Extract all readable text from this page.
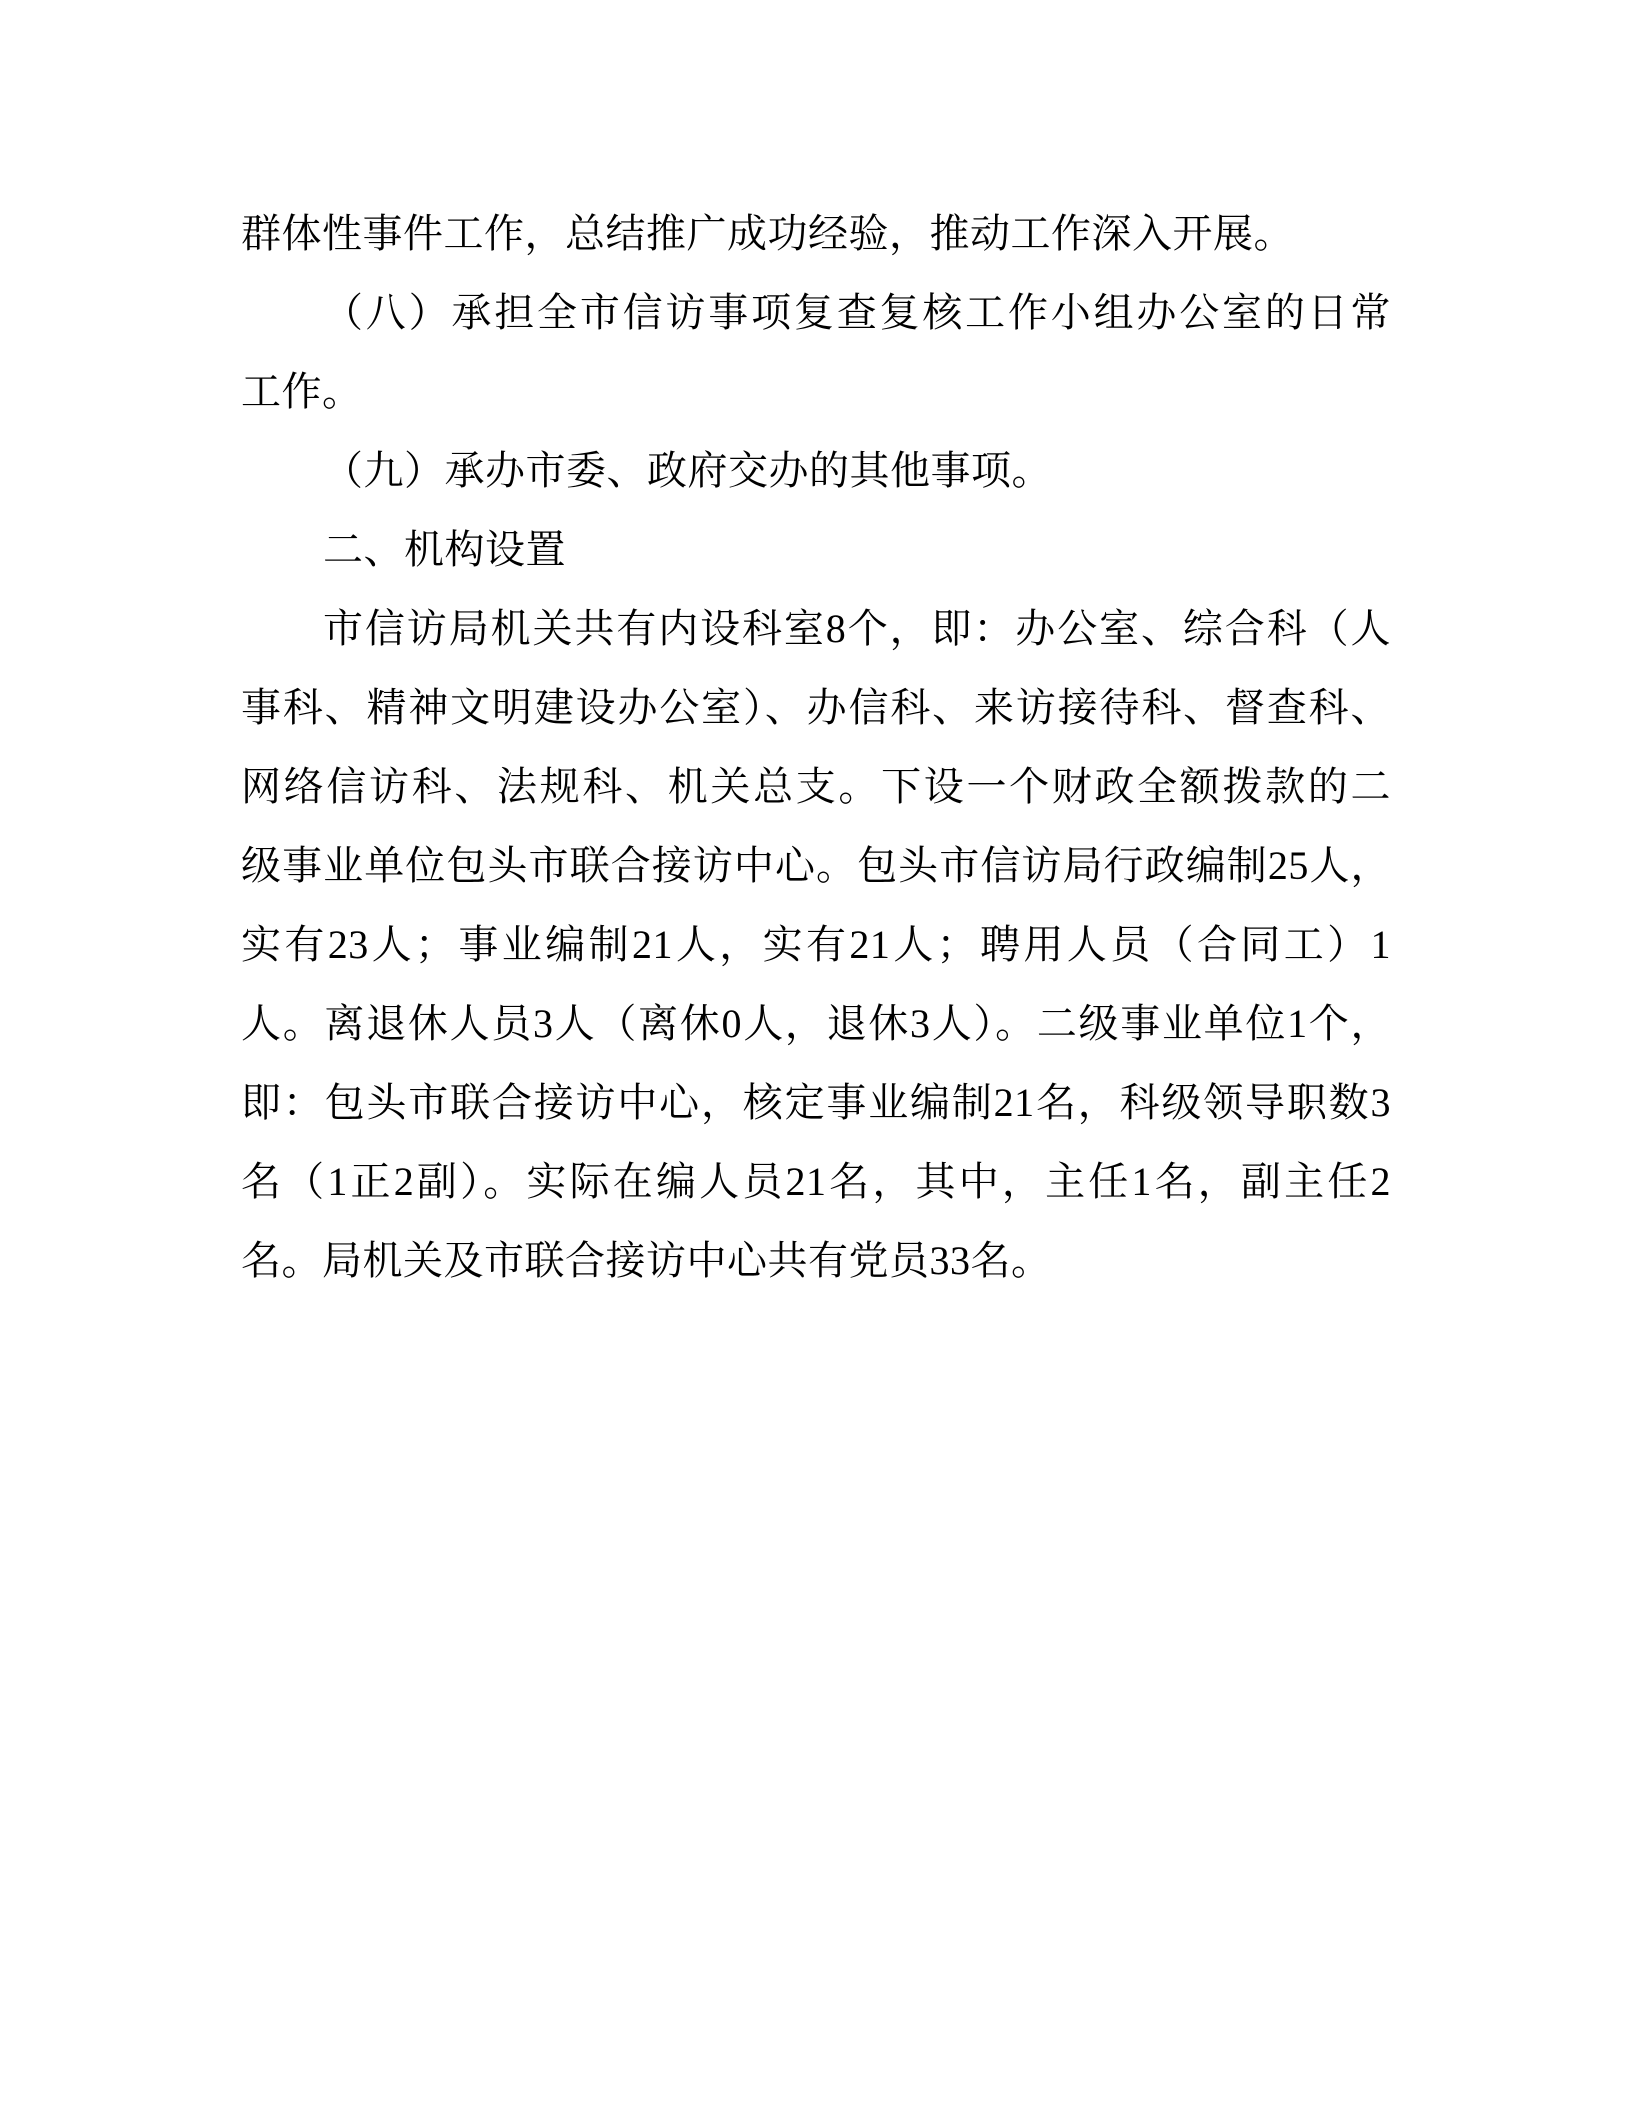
群体性事件工作，总结推广成功经验，推动工作深入开展。
（八）承担全市信访事项复查复核工作小组办公室的日常
工作。
（九）承办市委、政府交办的其他事项。
二、机构设置
市信访局机关共有内设科室8个，即：办公室、综合科（人
事科、精神文明建设办公室）、办信科、来访接待科、督查科、
网络信访科、法规科、机关总支。下设一个财政全额拨款的二
级事业单位包头市联合接访中心。包头市信访局行政编制25人，
实有23人；事业编制21人，实有21人；聘用人员（合同工）1
人。离退休人员3人（离休0人，退休3人）。二级事业单位1个，
即：包头市联合接访中心，核定事业编制21名，科级领导职数3
名（1正2副）。实际在编人员21名，其中，主任1名，副主任2
名。局机关及市联合接访中心共有党员33名。
